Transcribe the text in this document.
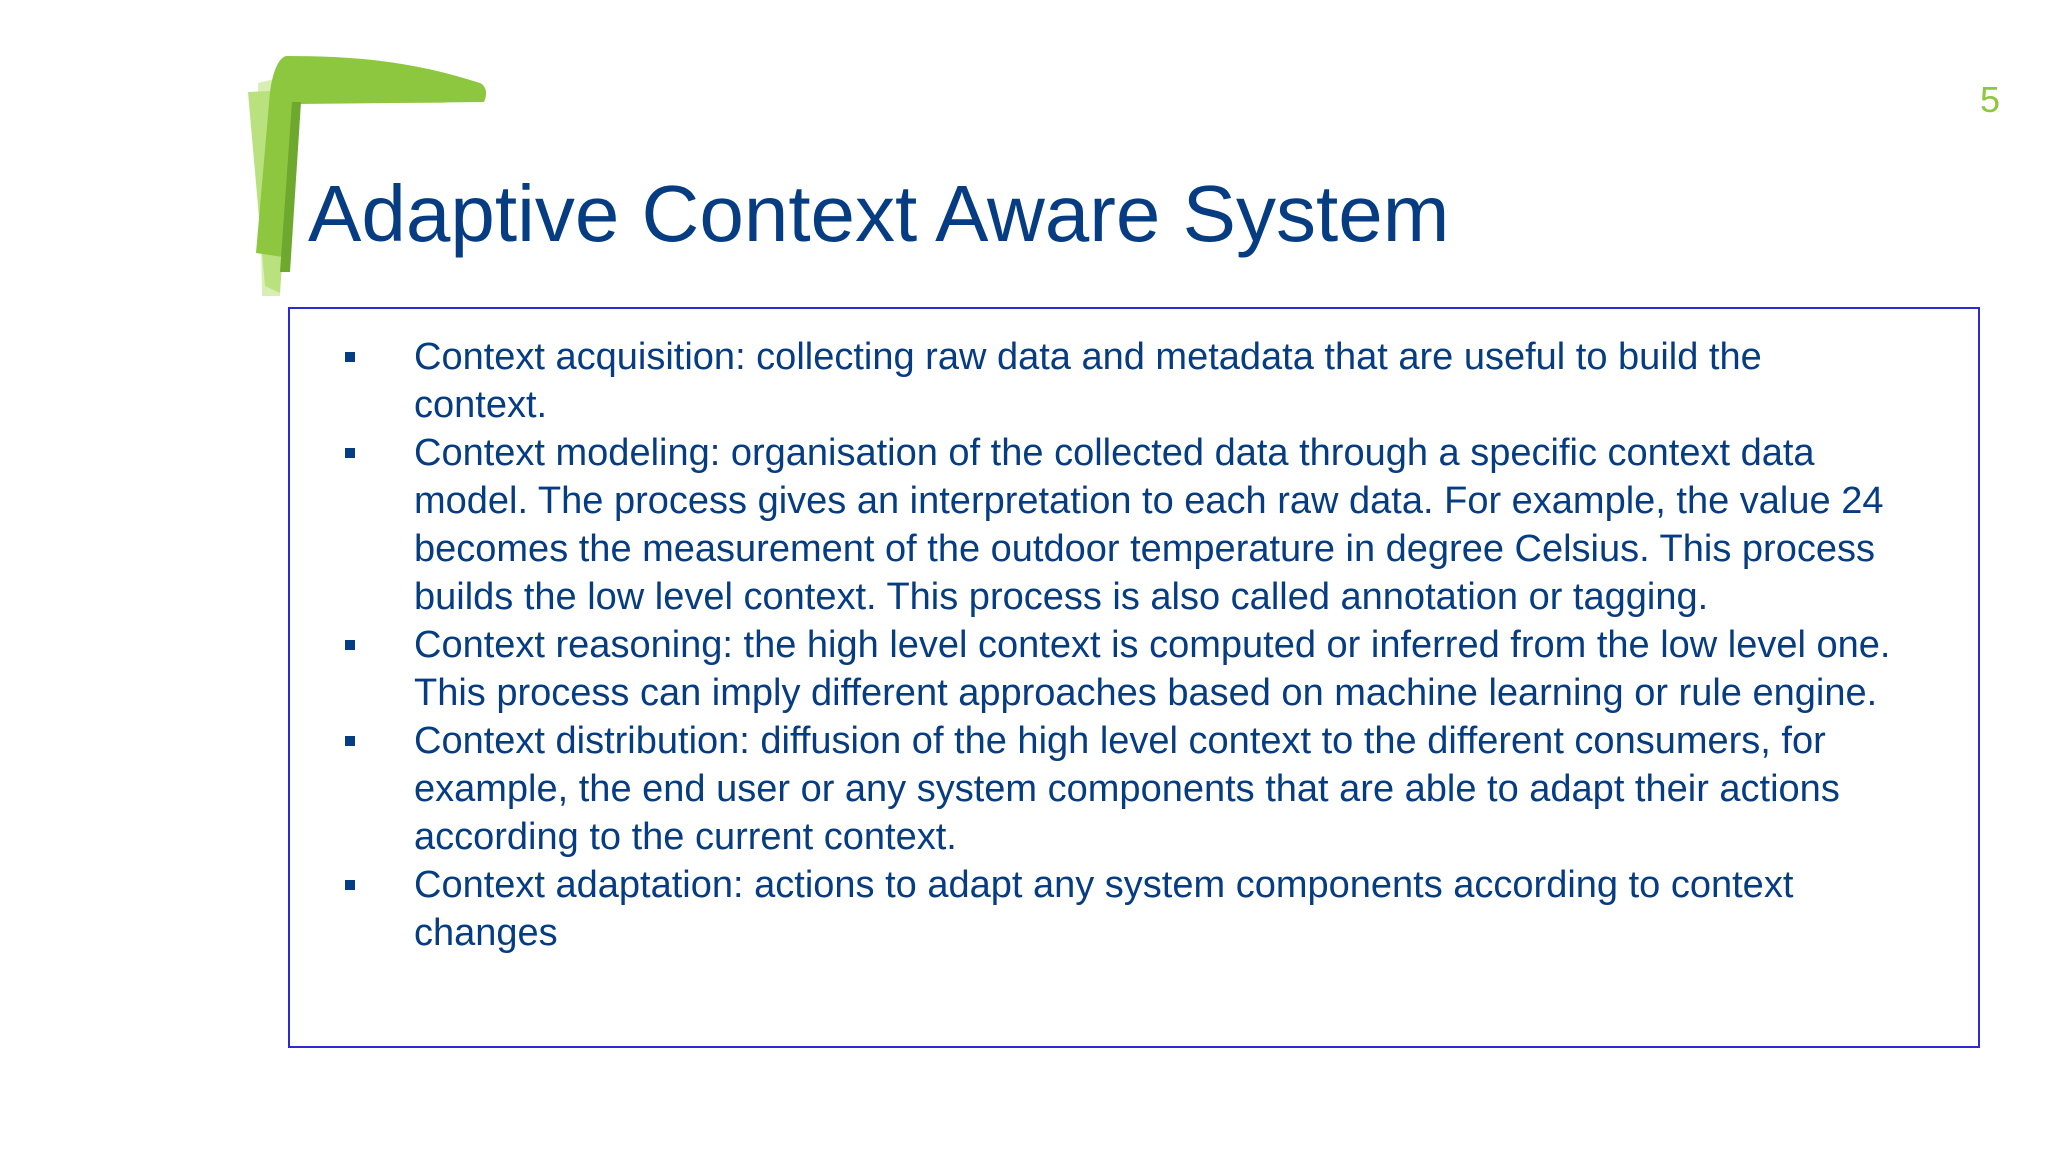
5
Adaptive Context Aware System
Context acquisition: collecting raw data and metadata that are useful to build the
context.
Context modeling: organisation of the collected data through a specific context data
model. The process gives an interpretation to each raw data. For example, the value 24
becomes the measurement of the outdoor temperature in degree Celsius. This process
builds the low level context. This process is also called annotation or tagging.
Context reasoning: the high level context is computed or inferred from the low level one.
This process can imply different approaches based on machine learning or rule engine.
Context distribution: diffusion of the high level context to the different consumers, for
example, the end user or any system components that are able to adapt their actions
according to the current context.
Context adaptation: actions to adapt any system components according to context
changes
